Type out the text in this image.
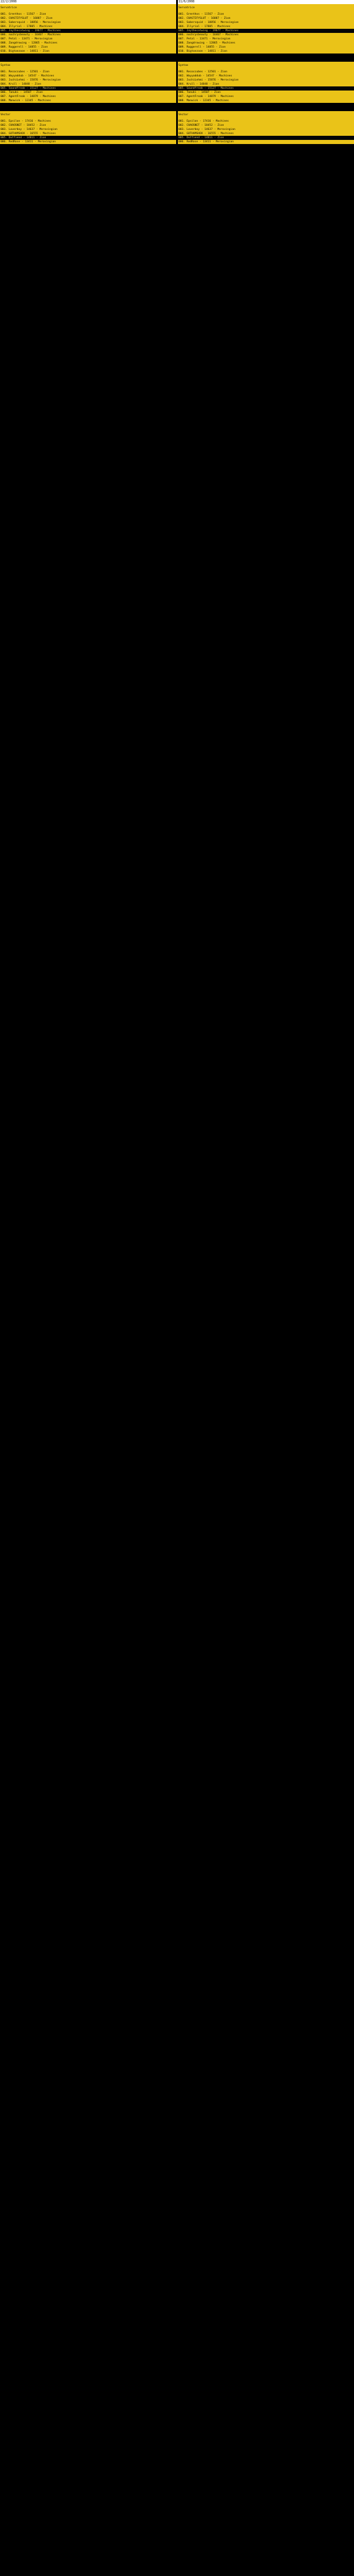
22/2/2008
Servatrice
001. Grenthos - 11567 - Zion
002. CHASTIFYSLUT - 16887 - Zion
003. Sabersquid - 18856 - Merovingian
004. Illyrial - 17805 - Machines
005. Jaythecatwing - 19677 - Machines
006. nochrysbeauty - 16467 - Machines
007. Petal - 13471 - Merovingian
008. Zangdrowing - 12865 - Machines
009. Ruggerell - 14855 - Zion
010. Bigtanzoon - 14811 - Zion
Syntax
001. Recoccubes - 12501 - Zion
002. Wayyaddub - 14547 - Machines
003. JuchiLehmi - 15876 - Merovingian
004. Krull - 14848 - Zion
005. Soundfreak - 15127 - Machines
006. Tanuki - 14507 - Zion
007. AgentFreak - 14879 - Machines
008. Manwick - 12345 - Machines
Vector
001. Epsilon - 17416 - Machines
002. CHAOSNET - 18452 - Zion
003. Loverboy - 14637 - Merovingian
004. GOTHAMSHOX - 16555 - Machines
005. Dutfiend - 14811 - Zion
006. RedRose - 13411 - Merovingian
11/6/2008
Servatrice
001. Grenthos - 11567 - Zion
002. CHASTIFYSLUT - 16887 - Zion
003. Sabersquid - 18856 - Merovingian
004. Illyrial - 17805 - Machines
005. Jaythecatwing - 19677 - Machines
006. nochrysbeauty - 16467 - Machines
007. Petal - 13471 - Merovingian
008. Zangdrowing - 12865 - Machines
009. Ruggerell - 14855 - Zion
010. Bigtanzoon - 14811 - Zion
Syntax
001. Recoccubes - 12501 - Zion
002. Wayyaddub - 14547 - Machines
003. JuchiLehmi - 15876 - Merovingian
004. Krull - 14848 - Zion
005. Soundfreak - 15127 - Machines
006. Tanuki - 14507 - Zion
007. AgentFreak - 14879 - Machines
008. Manwick - 12345 - Machines
Vector
001. Epsilon - 17416 - Machines
002. CHAOSNET - 18452 - Zion
003. Loverboy - 14637 - Merovingian
004. GOTHAMSHOX - 16555 - Machines
005. Dutfiend - 14811 - Zion
006. RedRose - 13411 - Merovingian
